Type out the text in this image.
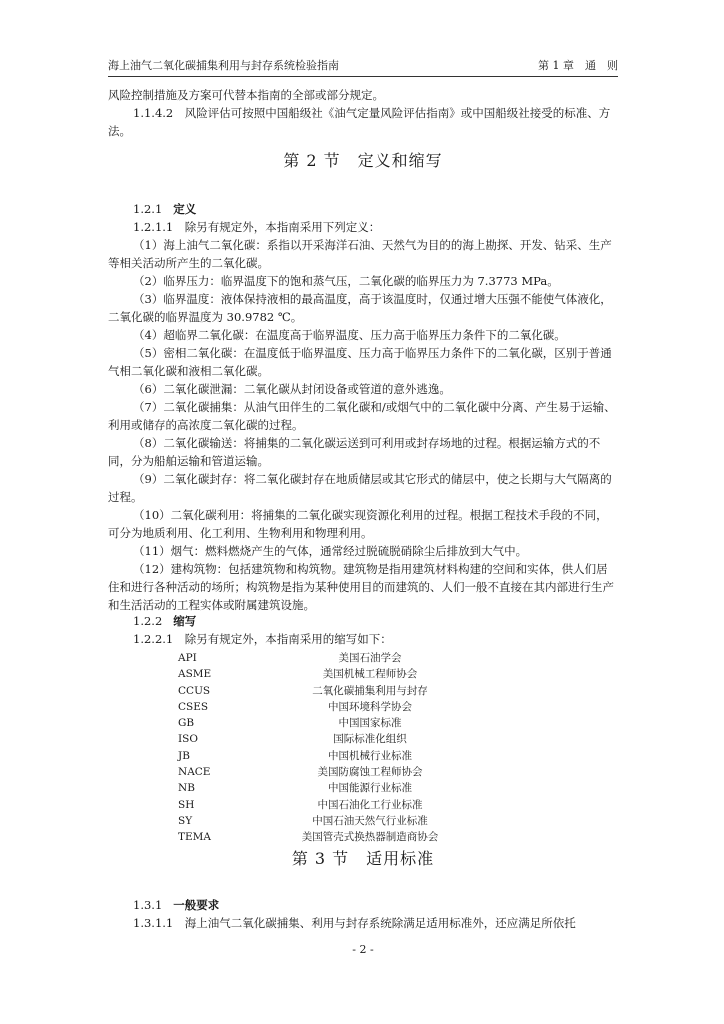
海上油气二氧化碳捕集利用与封存系统检验指南	第 1 章　通　则

风险控制措施及方案可代替本指南的全部或部分规定。

1.1.4.2　风险评估可按照中国船级社《油气定量风险评估指南》或中国船级社接受的标准、方法。

第 2 节　定义和缩写
1.2.1 定义

1.2.1.1　除另有规定外，本指南采用下列定义：

（1）海上油气二氧化碳：系指以开采海洋石油、天然气为目的的海上勘探、开发、钻采、生产等相关活动所产生的二氧化碳。

（2）临界压力：临界温度下的饱和蒸气压，二氧化碳的临界压力为 7.3773 MPa。

（3）临界温度：液体保持液相的最高温度，高于该温度时，仅通过增大压强不能使气体液化，二氧化碳的临界温度为 30.9782 ℃。

（4）超临界二氧化碳：在温度高于临界温度、压力高于临界压力条件下的二氧化碳。

（5）密相二氧化碳：在温度低于临界温度、压力高于临界压力条件下的二氧化碳，区别于普通气相二氧化碳和液相二氧化碳。

（6）二氧化碳泄漏：二氧化碳从封闭设备或管道的意外逃逸。

（7）二氧化碳捕集：从油气田伴生的二氧化碳和/或烟气中的二氧化碳中分离、产生易于运输、利用或储存的高浓度二氧化碳的过程。

（8）二氧化碳输送：将捕集的二氧化碳运送到可利用或封存场地的过程。根据运输方式的不同，分为船舶运输和管道运输。

（9）二氧化碳封存：将二氧化碳封存在地质储层或其它形式的储层中，使之长期与大气隔离的过程。

（10）二氧化碳利用：将捕集的二氧化碳实现资源化利用的过程。根据工程技术手段的不同，可分为地质利用、化工利用、生物利用和物理利用。

（11）烟气：燃料燃烧产生的气体，通常经过脱硫脱硝除尘后排放到大气中。

（12）建构筑物：包括建筑物和构筑物。建筑物是指用建筑材料构建的空间和实体，供人们居住和进行各种活动的场所；构筑物是指为某种使用目的而建筑的、人们一般不直接在其内部进行生产和生活活动的工程实体或附属建筑设施。

1.2.2 缩写

1.2.2.1　除另有规定外，本指南采用的缩写如下：

API	美国石油学会
ASME	美国机械工程师协会
CCUS	二氧化碳捕集利用与封存
CSES	中国环境科学协会
GB	中国国家标准
ISO	国际标准化组织
JB	中国机械行业标准
NACE	美国防腐蚀工程师协会
NB	中国能源行业标准
SH	中国石油化工行业标准
SY	中国石油天然气行业标准
TEMA	美国管壳式换热器制造商协会
第 3 节　适用标准
1.3.1 一般要求

1.3.1.1　海上油气二氧化碳捕集、利用与封存系统除满足适用标准外，还应满足所依托

- 2 -
